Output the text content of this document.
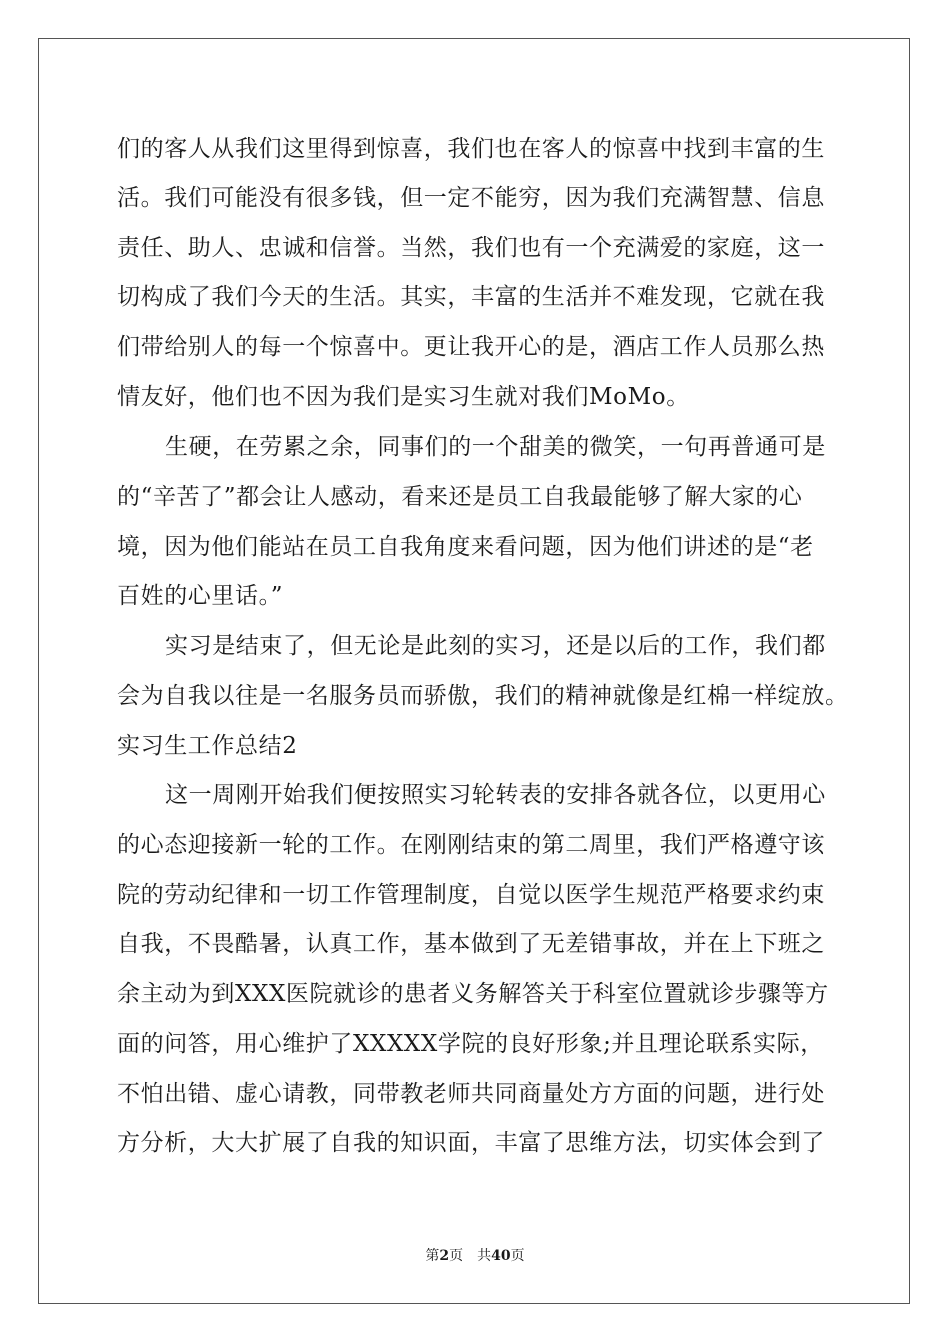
们的客人从我们这里得到惊喜，我们也在客人的惊喜中找到丰富的生
活。我们可能没有很多钱，但一定不能穷，因为我们充满智慧、信息
责任、助人、忠诚和信誉。当然，我们也有一个充满爱的家庭，这一
切构成了我们今天的生活。其实，丰富的生活并不难发现，它就在我
们带给别人的每一个惊喜中。更让我开心的是，酒店工作人员那么热
情友好，他们也不因为我们是实习生就对我们MoMo。
生硬，在劳累之余，同事们的一个甜美的微笑，一句再普通可是
的“辛苦了”都会让人感动，看来还是员工自我最能够了解大家的心
境，因为他们能站在员工自我角度来看问题，因为他们讲述的是“老
百姓的心里话。”
实习是结束了，但无论是此刻的实习，还是以后的工作，我们都
会为自我以往是一名服务员而骄傲，我们的精神就像是红棉一样绽放。
实习生工作总结2
这一周刚开始我们便按照实习轮转表的安排各就各位，以更用心
的心态迎接新一轮的工作。在刚刚结束的第二周里，我们严格遵守该
院的劳动纪律和一切工作管理制度，自觉以医学生规范严格要求约束
自我，不畏酷暑，认真工作，基本做到了无差错事故，并在上下班之
余主动为到XXX医院就诊的患者义务解答关于科室位置就诊步骤等方
面的问答，用心维护了XXXXX学院的良好形象;并且理论联系实际，
不怕出错、虚心请教，同带教老师共同商量处方方面的问题，进行处
方分析，大大扩展了自我的知识面，丰富了思维方法，切实体会到了
第2页 共40页
